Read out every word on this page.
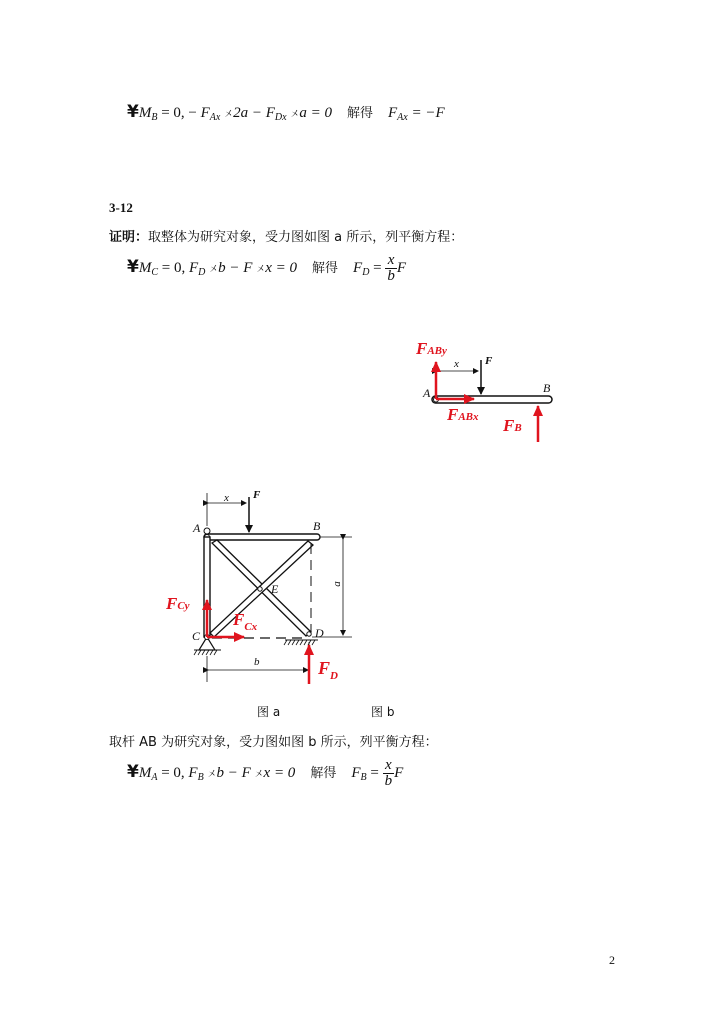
$¥M_B = 0$, − $F_{Ax}$ 㐅$2a - F_{Dx}$ 㐅a = 0 解得 $F_{Ax} = -F$
3-12
证明：取整体为研究对象，受力图如图 a 所示，列平衡方程：
$¥M_C = 0$, $F_D$ 㐅b − F 㐅x = 0 解得 $F_D = \frac{x}{b}$ F
FABy
x F
A	B
FABx FB
x F
A	B
E	a
C	D
b
FCy
$F_{Cx}$
$F_D$
图 a	图 b
取杆 AB 为研究对象，受力图如图 b 所示，列平衡方程：
$¥M_A = 0$, $F_B$ 㐅b − F 㐅x = 0 解得 $F_B = \frac{x}{b}$ F
2
